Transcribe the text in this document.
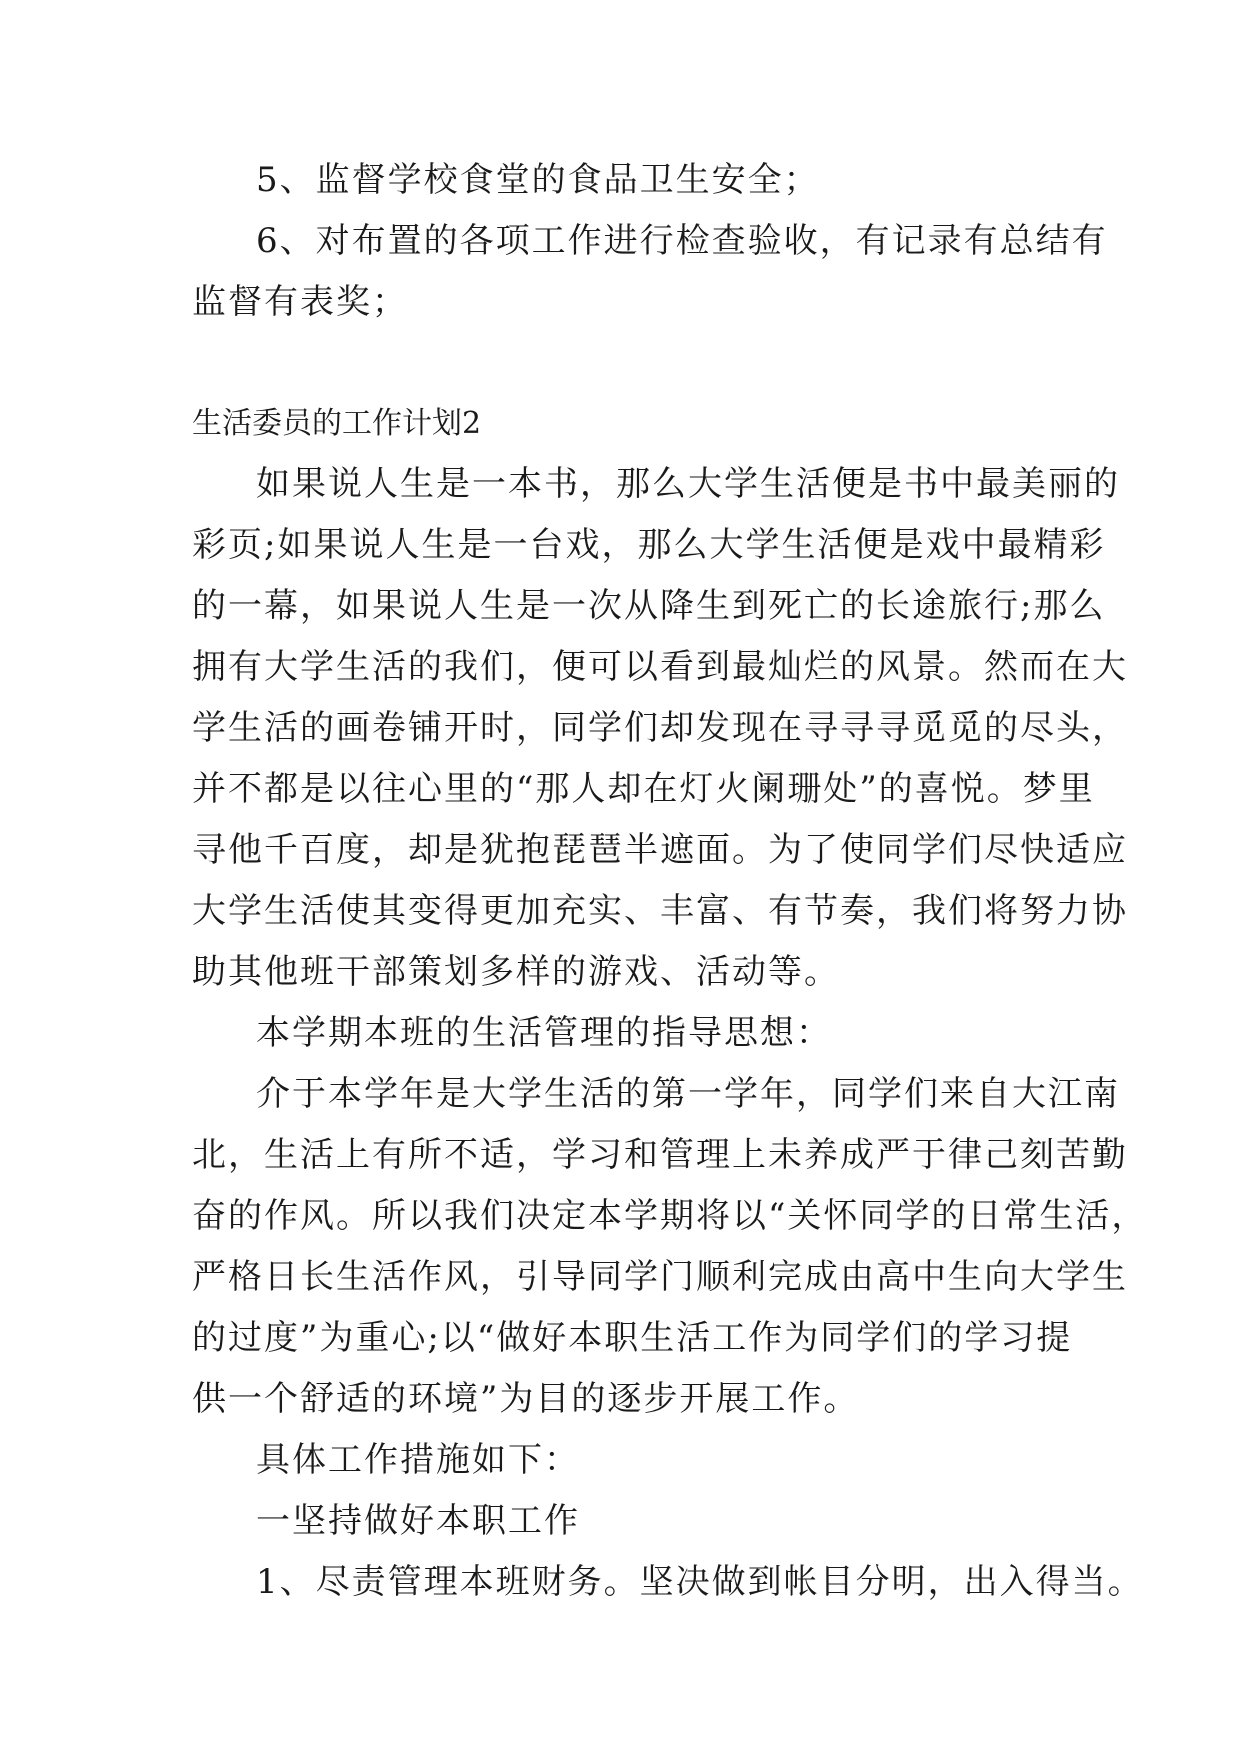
5、监督学校食堂的食品卫生安全；

6、对布置的各项工作进行检查验收，有记录有总结有

监督有表奖；

生活委员的工作计划2

如果说人生是一本书，那么大学生活便是书中最美丽的

彩页;如果说人生是一台戏，那么大学生活便是戏中最精彩

的一幕，如果说人生是一次从降生到死亡的长途旅行;那么

拥有大学生活的我们，便可以看到最灿烂的风景。然而在大

学生活的画卷铺开时，同学们却发现在寻寻寻觅觅的尽头，

并不都是以往心里的“那人却在灯火阑珊处”的喜悦。梦里

寻他千百度，却是犹抱琵琶半遮面。为了使同学们尽快适应

大学生活使其变得更加充实、丰富、有节奏，我们将努力协

助其他班干部策划多样的游戏、活动等。

本学期本班的生活管理的指导思想：

介于本学年是大学生活的第一学年，同学们来自大江南

北，生活上有所不适，学习和管理上未养成严于律己刻苦勤

奋的作风。所以我们决定本学期将以“关怀同学的日常生活，

严格日长生活作风，引导同学门顺利完成由高中生向大学生

的过度”为重心;以“做好本职生活工作为同学们的学习提

供一个舒适的环境”为目的逐步开展工作。

具体工作措施如下：

一坚持做好本职工作

1、尽责管理本班财务。坚决做到帐目分明，出入得当。
